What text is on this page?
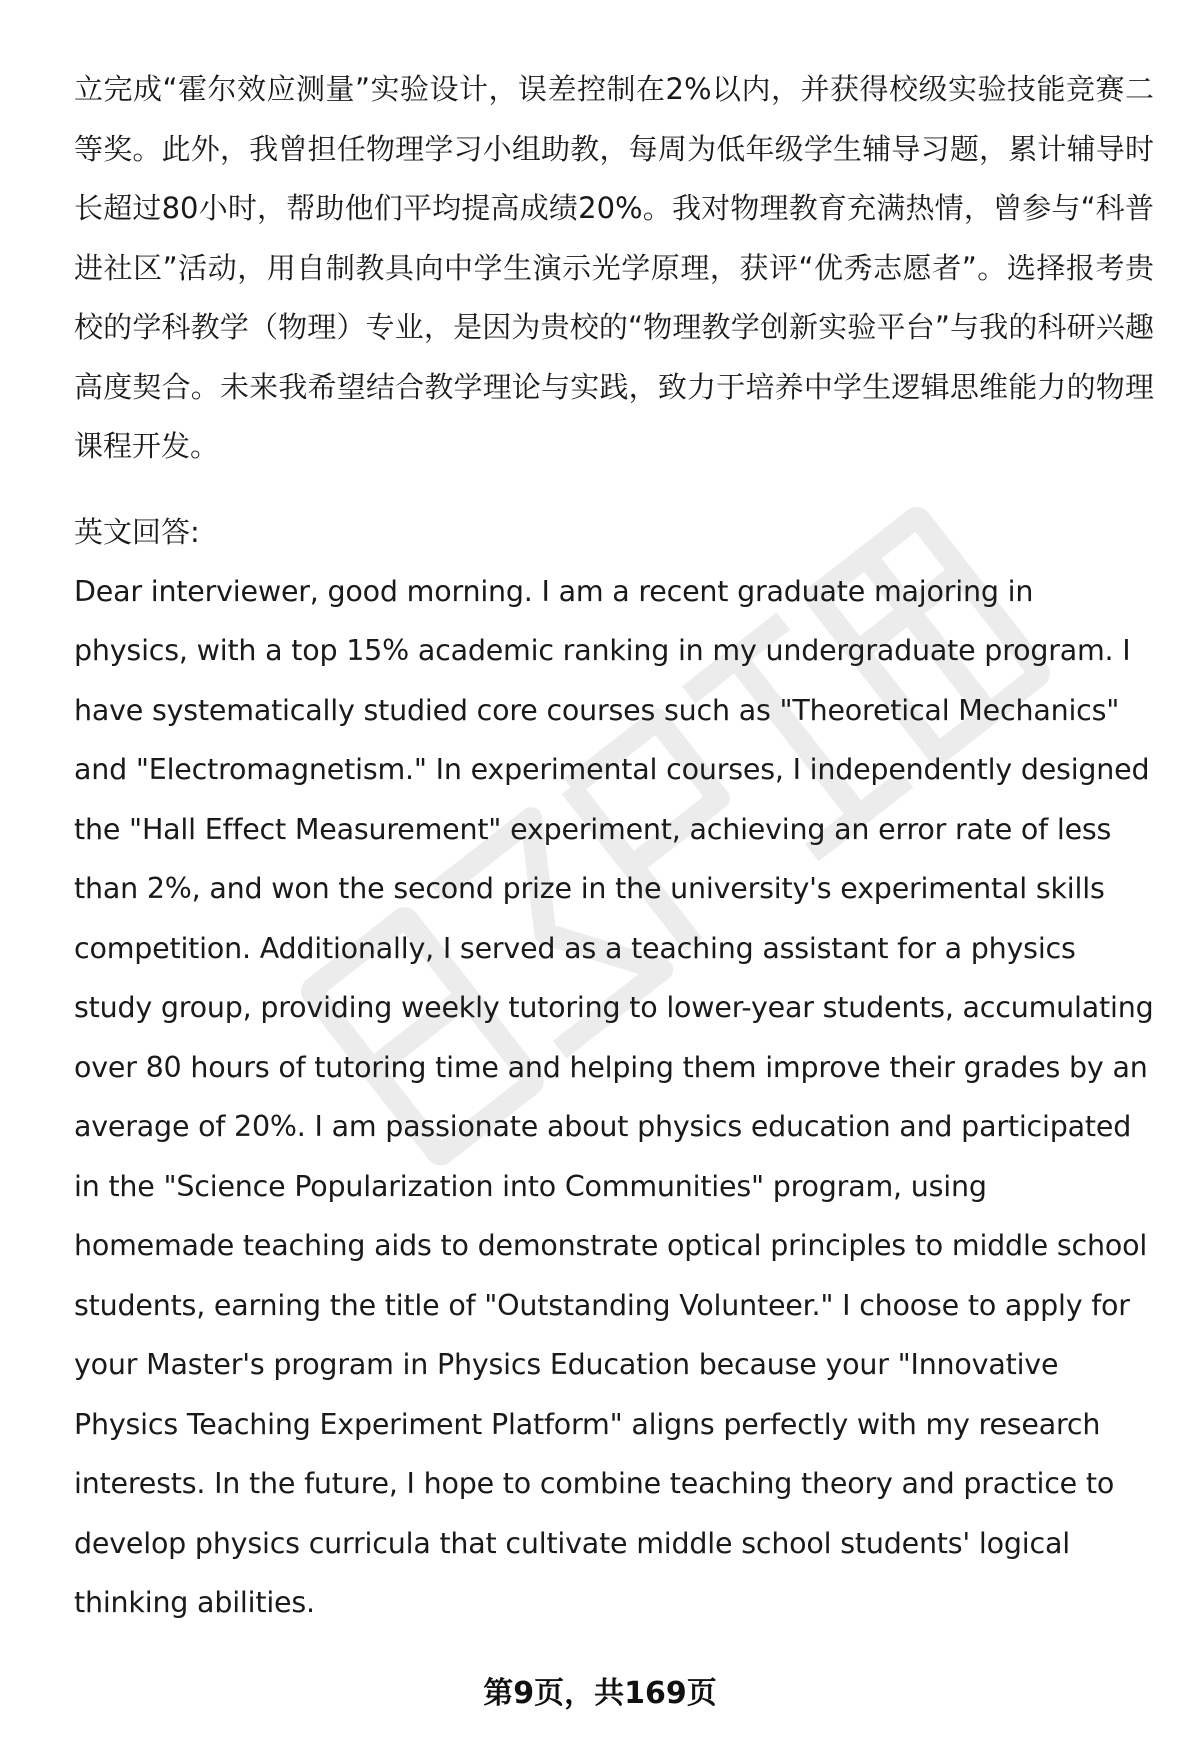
立完成“霍尔效应测量”实验设计，误差控制在2%以内，并获得校级实验技能竞赛二等奖。此外，我曾担任物理学习小组助教，每周为低年级学生辅导习题，累计辅导时长超过80小时，帮助他们平均提高成绩20%。我对物理教育充满热情，曾参与“科普进社区”活动，用自制教具向中学生演示光学原理，获评“优秀志愿者”。选择报考贵校的学科教学（物理）专业，是因为贵校的“物理教学创新实验平台”与我的科研兴趣高度契合。未来我希望结合教学理论与实践，致力于培养中学生逻辑思维能力的物理课程开发。

英文回答:

Dear interviewer, good morning. I am a recent graduate majoring in physics, with a top 15% academic ranking in my undergraduate program. I have systematically studied core courses such as "Theoretical Mechanics" and "Electromagnetism." In experimental courses, I independently designed the "Hall Effect Measurement" experiment, achieving an error rate of less than 2%, and won the second prize in the university's experimental skills competition. Additionally, I served as a teaching assistant for a physics study group, providing weekly tutoring to lower-year students, accumulating over 80 hours of tutoring time and helping them improve their grades by an average of 20%. I am passionate about physics education and participated in the "Science Popularization into Communities" program, using homemade teaching aids to demonstrate optical principles to middle school students, earning the title of "Outstanding Volunteer." I choose to apply for your Master's program in Physics Education because your "Innovative Physics Teaching Experiment Platform" aligns perfectly with my research interests. In the future, I hope to combine teaching theory and practice to develop physics curricula that cultivate middle school students' logical thinking abilities.

第9页，共169页
